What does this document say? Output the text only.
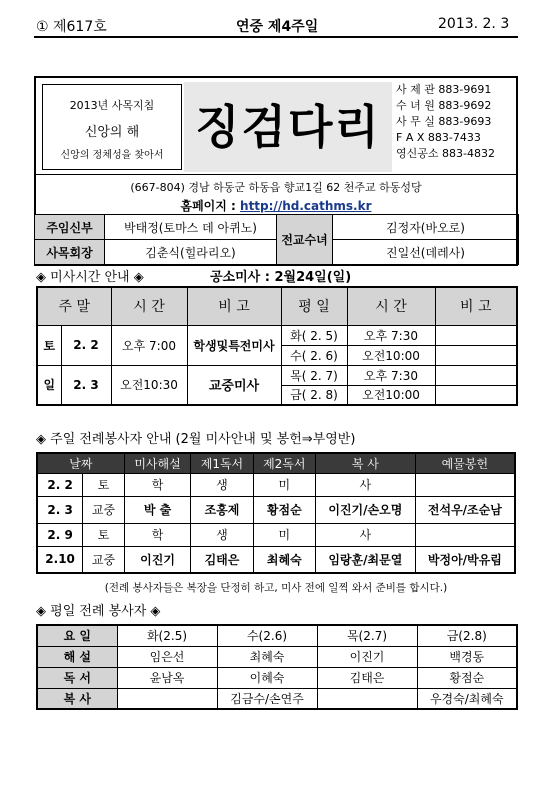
① 제617호	연중 제4주일	2013. 2. 3
2013년 사목지침
신앙의 해
신앙의 정체성을 찾아서
징검다리
사 제 관 883-9691
수 녀 원 883-9692
사 무 실 883-9693
F A X 883-7433
영신공소 883-4832
(667-804) 경남 하동군 하동읍 향교1길 62 천주교 하동성당
홈페이지 : http://hd.cathms.kr
주임신부	박태정(토마스 데 아퀴노)	전교수녀	김정자(바오로)
사목회장	김춘식(힐라리오)		진일선(데레사)
◈ 미사시간 안내 ◈	공소미사 : 2월24일(일)
주 말		시 간	비 고	평 일	시 간	비 고
토	2. 2	오후 7:00	학생및특전미사	화( 2. 5)	오후 7:30	
				수( 2. 6)	오전10:00	
일	2. 3	오전10:30	교중미사	목( 2. 7)	오후 7:30	
				금( 2. 8)	오전10:00	
◈ 주일 전례봉사자 안내 (2월 미사안내 및 봉헌⇒부영반)
날짜		미사해설	제1독서	제2독서	복 사	예물봉헌
2. 2	토	학	생	미	사	
2. 3	교중	박 출	조홍제	황점순	이진기/손오명	전석우/조순남
2. 9	토	학	생	미	사	
2.10	교중	이진기	김태은	최혜숙	임랑훈/최문열	박정아/박유림
(전례 봉사자들은 복장을 단정히 하고, 미사 전에 일찍 와서 준비를 합시다.)
◈ 평일 전례 봉사자 ◈
요 일	화(2.5)	수(2.6)	목(2.7)	금(2.8)
해 설	임은선	최혜숙	이진기	백경동
독 서	윤남옥	이혜숙	김태은	황점순
복 사		김금수/손연주		우경숙/최혜숙
